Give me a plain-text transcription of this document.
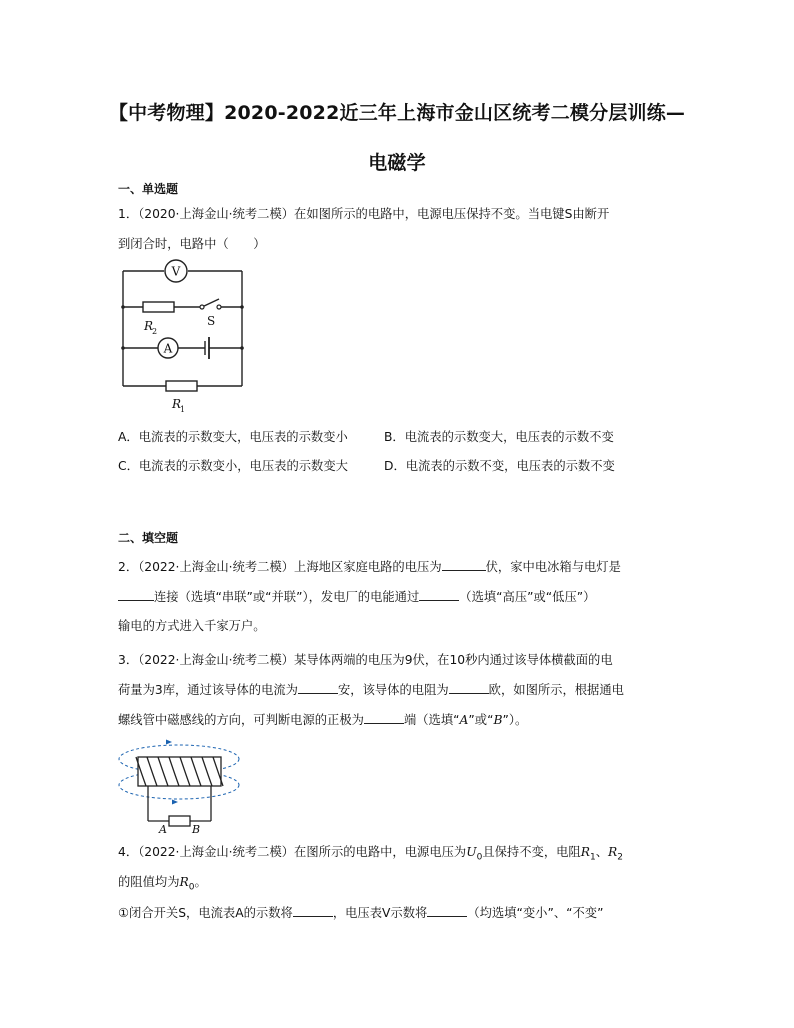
【中考物理】2020-2022近三年上海市金山区统考二模分层训练—
电磁学
一、单选题
1．（2020·上海金山·统考二模）在如图所示的电路中，电源电压保持不变。当电键S由断开
到闭合时，电路中（　　）
V
A
S
R
2
R
1
A．电流表的示数变大，电压表的示数变小	B．电流表的示数变大，电压表的示数不变
C．电流表的示数变小，电压表的示数变大	D．电流表的示数不变，电压表的示数不变
二、填空题
2．（2022·上海金山·统考二模）上海地区家庭电路的电压为	伏，家中电冰箱与电灯是
连接（选填“串联”或“并联”），发电厂的电能通过	（选填“高压”或“低压”）
输电的方式进入千家万户。
3．（2022·上海金山·统考二模）某导体两端的电压为9伏，在10秒内通过该导体横截面的电
荷量为3库，通过该导体的电流为	安，该导体的电阻为	欧，如图所示，根据通电
螺线管中磁感线的方向，可判断电源的正极为	端（选填“A”或“B”）。
A B
4．（2022·上海金山·统考二模）在图所示的电路中，电源电压为$U_0$且保持不变，电阻$R_1$、$R_2$
的阻值均为$R_0$。
①闭合开关S，电流表A的示数将	，电压表V示数将	（均选填“变小”、“不变”
